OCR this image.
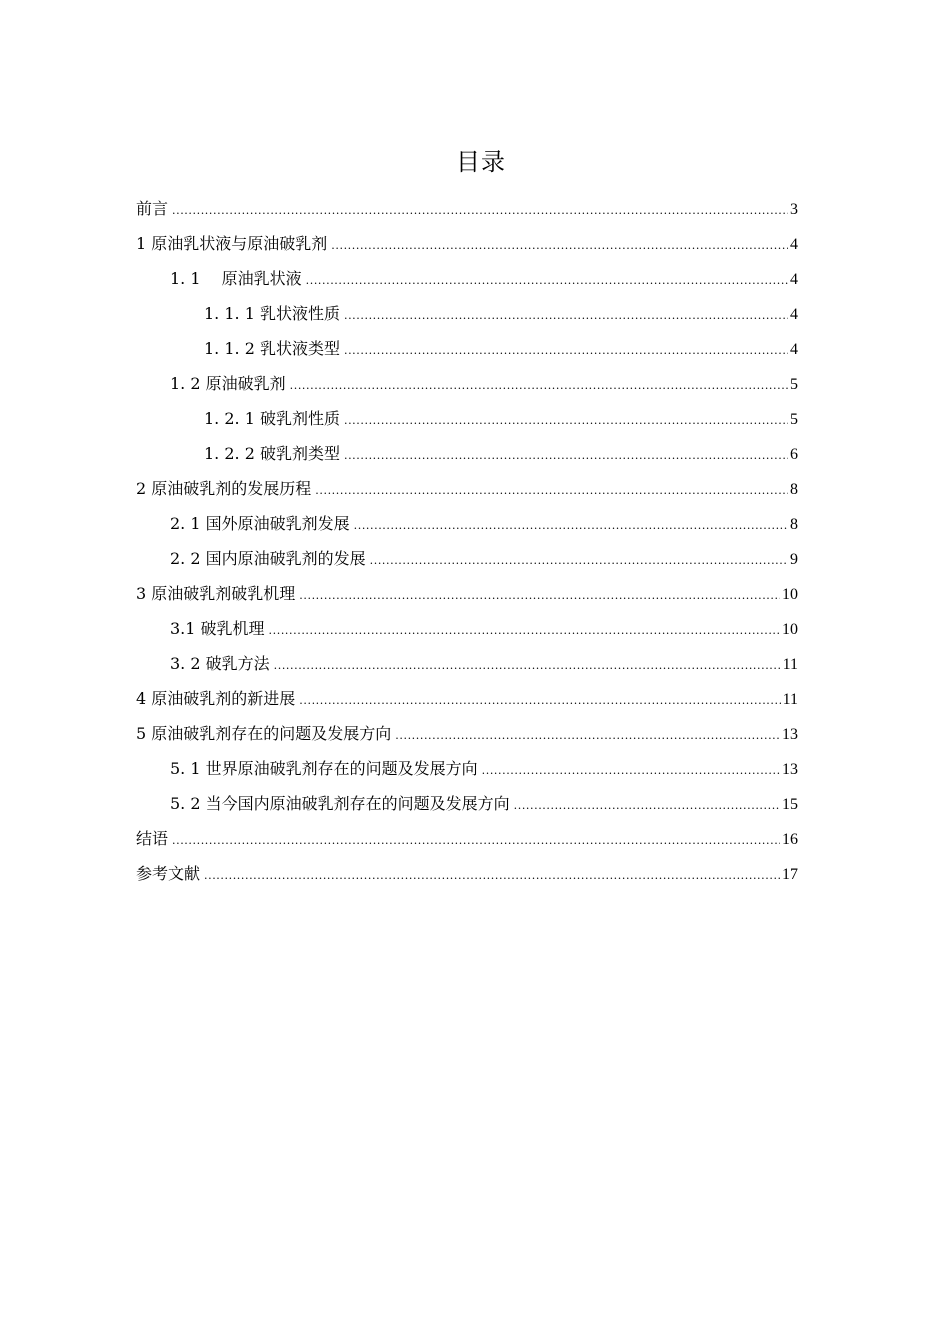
目录
前言 .....	3
1 原油乳状液与原油破乳剂 .....	4
1. 1　 原油乳状液 .....	4
1. 1. 1 乳状液性质 .....	4
1. 1. 2 乳状液类型 .....	4
1. 2 原油破乳剂 .....	5
1. 2. 1 破乳剂性质 .....	5
1. 2. 2 破乳剂类型 .....	6
2 原油破乳剂的发展历程 .....	8
2. 1 国外原油破乳剂发展 .....	8
2. 2 国内原油破乳剂的发展 .....	9
3 原油破乳剂破乳机理 .....	10
3.1 破乳机理 .....	10
3. 2 破乳方法 .....	11
4 原油破乳剂的新进展 .....	11
5 原油破乳剂存在的问题及发展方向 .....	13
5. 1 世界原油破乳剂存在的问题及发展方向 .....	13
5. 2 当今国内原油破乳剂存在的问题及发展方向 .....	15
结语 .....	16
参考文献 .....	17
